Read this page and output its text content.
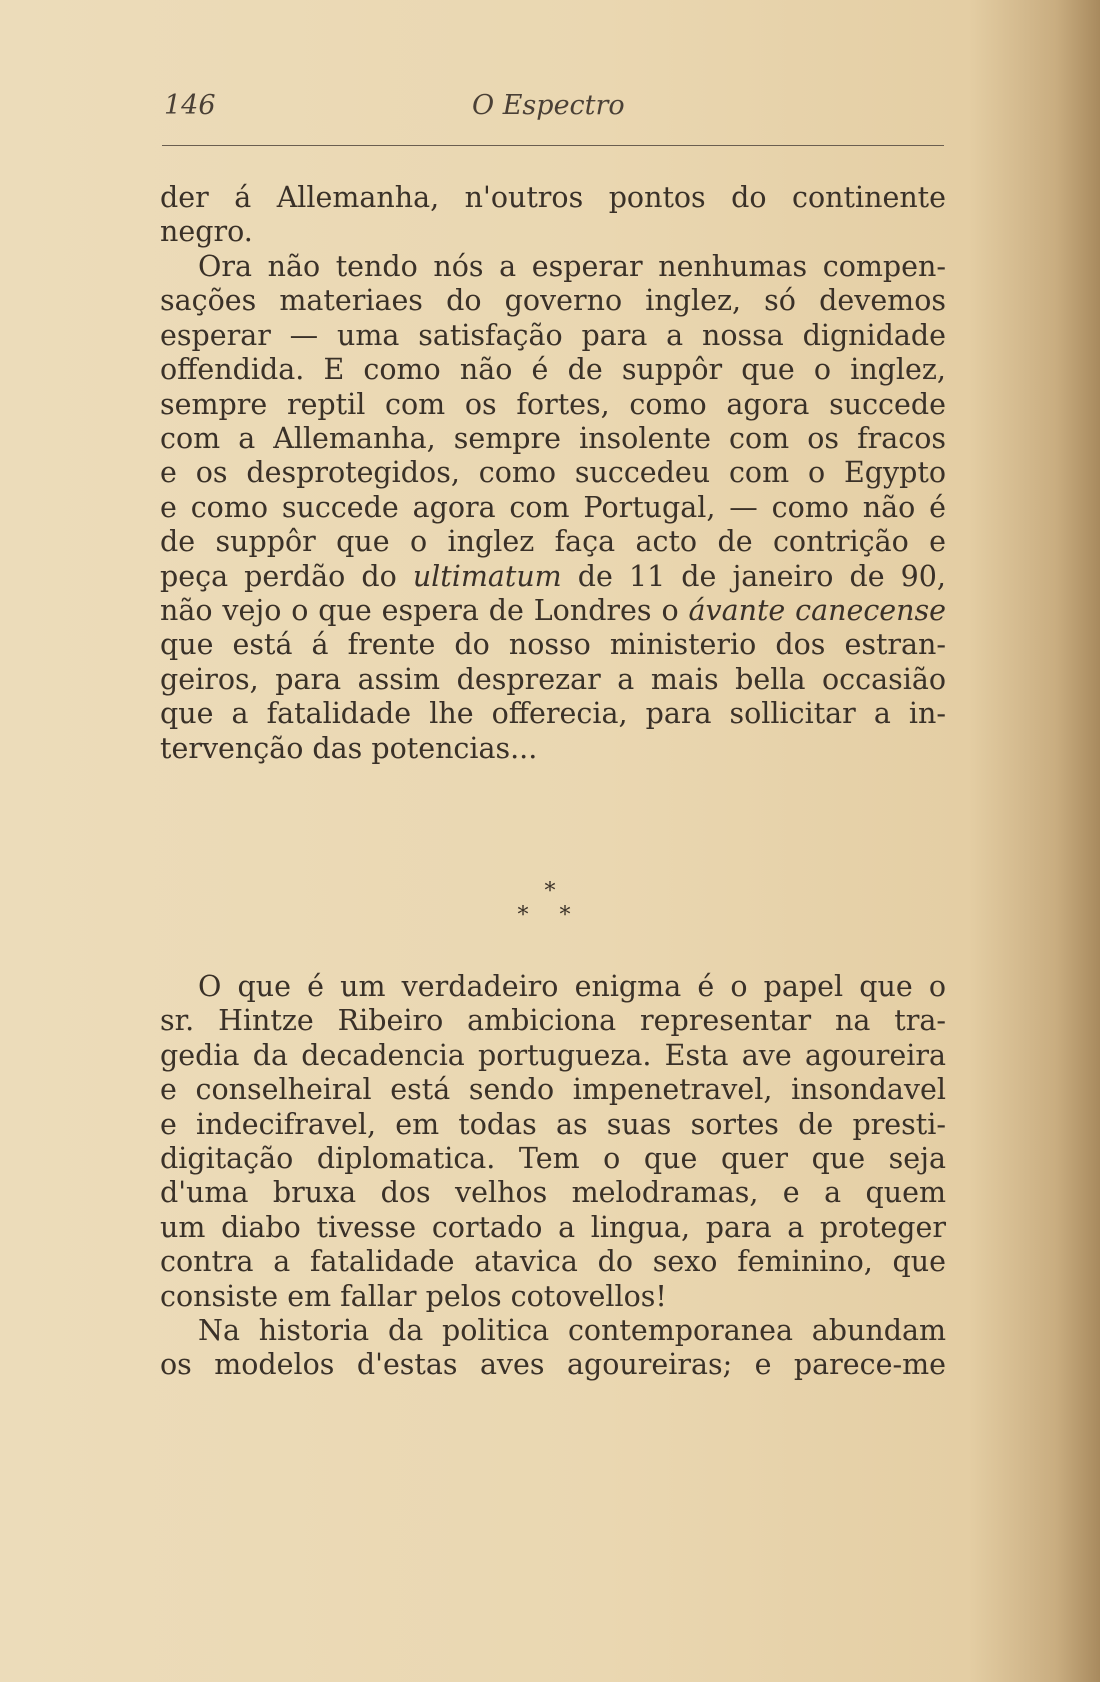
146	O Espectro
der á Allemanha, n'outros pontos do continente
negro.
Ora não tendo nós a esperar nenhumas compen-
sações materiaes do governo inglez, só devemos
esperar — uma satisfação para a nossa dignidade
offendida. E como não é de suppôr que o inglez,
sempre reptil com os fortes, como agora succede
com a Allemanha, sempre insolente com os fracos
e os desprotegidos, como succedeu com o Egypto
e como succede agora com Portugal, — como não é
de suppôr que o inglez faça acto de contrição e
peça perdão do ultimatum de 11 de janeiro de 90,
não vejo o que espera de Londres o ávante canecense
que está á frente do nosso ministerio dos estran-
geiros, para assim desprezar a mais bella occasião
que a fatalidade lhe offerecia, para sollicitar a in-
tervenção das potencias...
*
* *
O que é um verdadeiro enigma é o papel que o
sr. Hintze Ribeiro ambiciona representar na tra-
gedia da decadencia portugueza. Esta ave agoureira
e conselheiral está sendo impenetravel, insondavel
e indecifravel, em todas as suas sortes de presti-
digitação diplomatica. Tem o que quer que seja
d'uma bruxa dos velhos melodramas, e a quem
um diabo tivesse cortado a lingua, para a proteger
contra a fatalidade atavica do sexo feminino, que
consiste em fallar pelos cotovellos!
Na historia da politica contemporanea abundam
os modelos d'estas aves agoureiras; e parece-me
